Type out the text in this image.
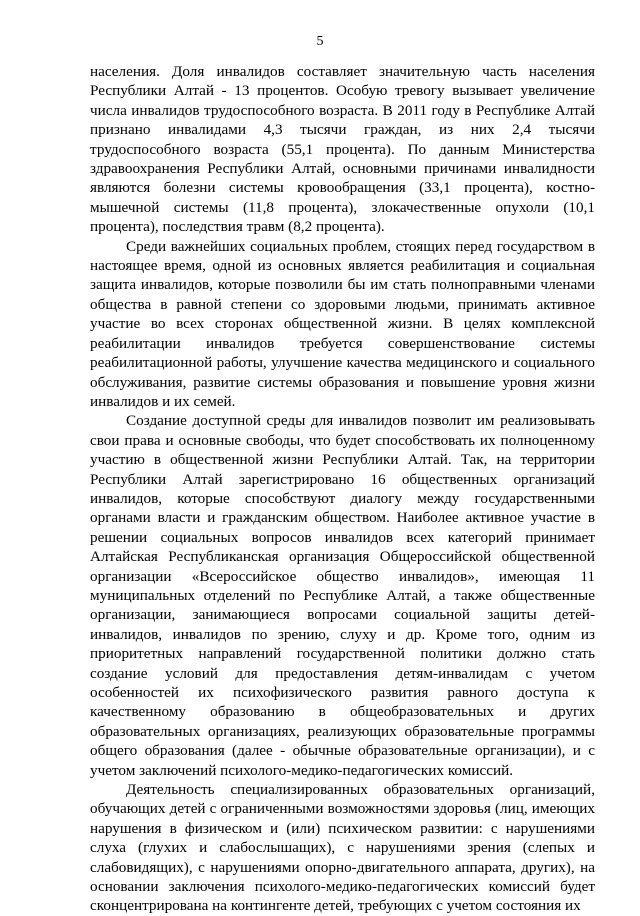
5

населения. Доля инвалидов составляет значительную часть населения Республики Алтай - 13 процентов. Особую тревогу вызывает увеличение числа инвалидов трудоспособного возраста. В 2011 году в Республике Алтай признано инвалидами 4,3 тысячи граждан, из них 2,4 тысячи трудоспособного возраста (55,1 процента). По данным Министерства здравоохранения Республики Алтай, основными причинами инвалидности являются болезни системы кровообращения (33,1 процента), костно-мышечной системы (11,8 процента), злокачественные опухоли (10,1 процента), последствия травм (8,2 процента).

Среди важнейших социальных проблем, стоящих перед государством в настоящее время, одной из основных является реабилитация и социальная защита инвалидов, которые позволили бы им стать полноправными членами общества в равной степени со здоровыми людьми, принимать активное участие во всех сторонах общественной жизни. В целях комплексной реабилитации инвалидов требуется совершенствование системы реабилитационной работы, улучшение качества медицинского и социального обслуживания, развитие системы образования и повышение уровня жизни инвалидов и их семей.

Создание доступной среды для инвалидов позволит им реализовывать свои права и основные свободы, что будет способствовать их полноценному участию в общественной жизни Республики Алтай. Так, на территории Республики Алтай зарегистрировано 16 общественных организаций инвалидов, которые способствуют диалогу между государственными органами власти и гражданским обществом. Наиболее активное участие в решении социальных вопросов инвалидов всех категорий принимает Алтайская Республиканская организация Общероссийской общественной организации «Всероссийское общество инвалидов», имеющая 11 муниципальных отделений по Республике Алтай, а также общественные организации, занимающиеся вопросами социальной защиты детей-инвалидов, инвалидов по зрению, слуху и др. Кроме того, одним из приоритетных направлений государственной политики должно стать создание условий для предоставления детям-инвалидам с учетом особенностей их психофизического развития равного доступа к качественному образованию в общеобразовательных и других образовательных организациях, реализующих образовательные программы общего образования (далее - обычные образовательные организации), и с учетом заключений психолого-медико-педагогических комиссий.

Деятельность специализированных образовательных организаций, обучающих детей с ограниченными возможностями здоровья (лиц, имеющих нарушения в физическом и (или) психическом развитии: с нарушениями слуха (глухих и слабослышащих), с нарушениями зрения (слепых и слабовидящих), с нарушениями опорно-двигательного аппарата, других), на основании заключения психолого-медико-педагогических комиссий будет сконцентрирована на контингенте детей, требующих с учетом состояния их
